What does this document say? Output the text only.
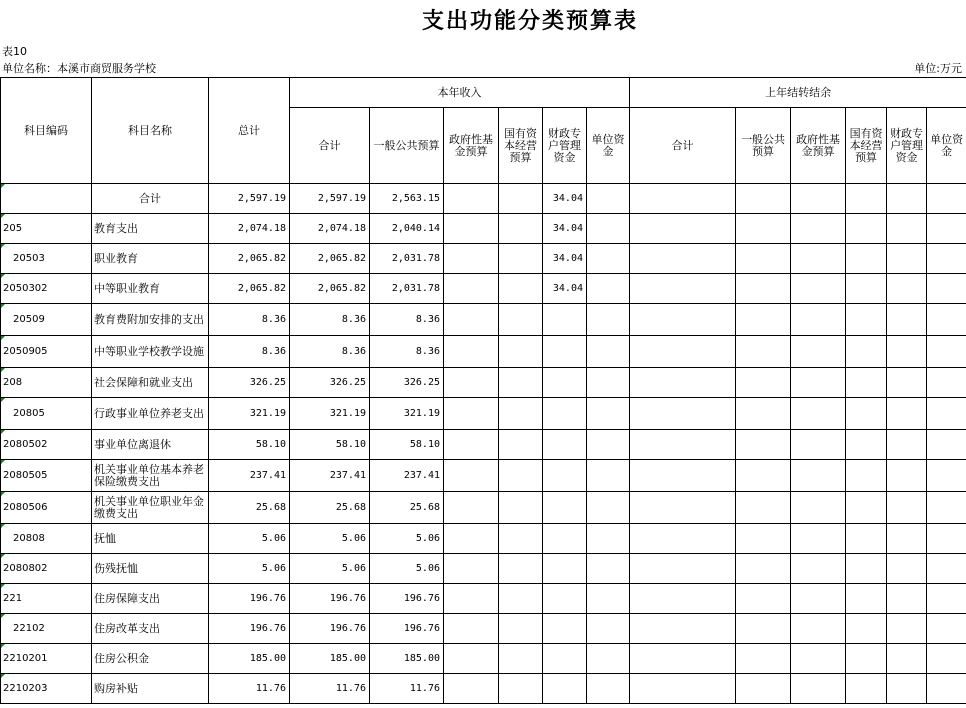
支出功能分类预算表
表10
单位名称：本溪市商贸服务学校	单位:万元
科目编码	科目名称	总计	本年收入						上年结转结余					
			合计	一般公共预算	政府性基金预算	国有资本经营预算	财政专户管理资金	单位资金	合计	一般公共预算	政府性基金预算	国有资本经营预算	财政专户管理资金	单位资金
	合计	2,597.19	2,597.19	2,563.15			34.04							
205	教育支出	2,074.18	2,074.18	2,040.14			34.04							
20503	职业教育	2,065.82	2,065.82	2,031.78			34.04							
2050302	中等职业教育	2,065.82	2,065.82	2,031.78			34.04							
20509	教育费附加安排的支出	8.36	8.36	8.36										
2050905	中等职业学校教学设施	8.36	8.36	8.36										
208	社会保障和就业支出	326.25	326.25	326.25										
20805	行政事业单位养老支出	321.19	321.19	321.19										
2080502	事业单位离退休	58.10	58.10	58.10										
2080505	机关事业单位基本养老保险缴费支出	237.41	237.41	237.41										
2080506	机关事业单位职业年金缴费支出	25.68	25.68	25.68										
20808	抚恤	5.06	5.06	5.06										
2080802	伤残抚恤	5.06	5.06	5.06										
221	住房保障支出	196.76	196.76	196.76										
22102	住房改革支出	196.76	196.76	196.76										
2210201	住房公积金	185.00	185.00	185.00										
2210203	购房补贴	11.76	11.76	11.76										
